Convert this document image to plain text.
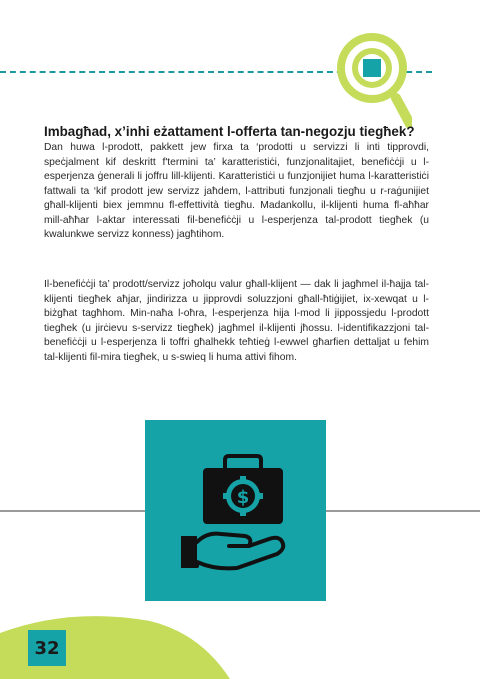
Imbagħad, x’inhi eżattament l-offerta tan-negozju tiegħek?

Dan huwa l-prodott, pakkett jew firxa ta ‘prodotti u servizzi li inti tipprovdi, speċjalment kif deskritt f'termini ta’ karatteristiċi, funzjonalitajiet, benefiċċji u l-esperjenza ġenerali li joffru lill-klijenti. Karatteristiċi u funzjonijiet huma l-karatteristiċi fattwali ta ‘kif prodott jew servizz jaħdem, l-attributi funzjonali tiegħu u r-raġunijiet għall-klijenti biex jemmnu fl-effettività tiegħu. Madankollu, il-klijenti huma fl-aħħar mill-aħħar l-aktar interessati fil-benefiċċji u l-esperjenza tal-prodott tiegħek (u kwalunkwe servizz konness) jagħtihom.

Il-benefiċċji ta’ prodott/servizz joħolqu valur għall-klijent — dak li jagħmel il-ħajja tal-klijenti tiegħek aħjar, jindirizza u jipprovdi soluzzjoni għall-ħtiġijiet, ix-xewqat u l-biżgħat tagħhom. Min-naħa l-oħra, l-esperjenza hija l-mod li jippossjedu l-prodott tiegħek (u jirċievu s-servizz tiegħek) jagħmel il-klijenti jħossu. l-identifikazzjoni tal-benefiċċji u l-esperjenza li toffri għalhekk teħtieġ l-ewwel għarfien dettaljat u fehim tal-klijenti fil-mira tiegħek, u s-swieq li huma attivi fihom.

$
32
